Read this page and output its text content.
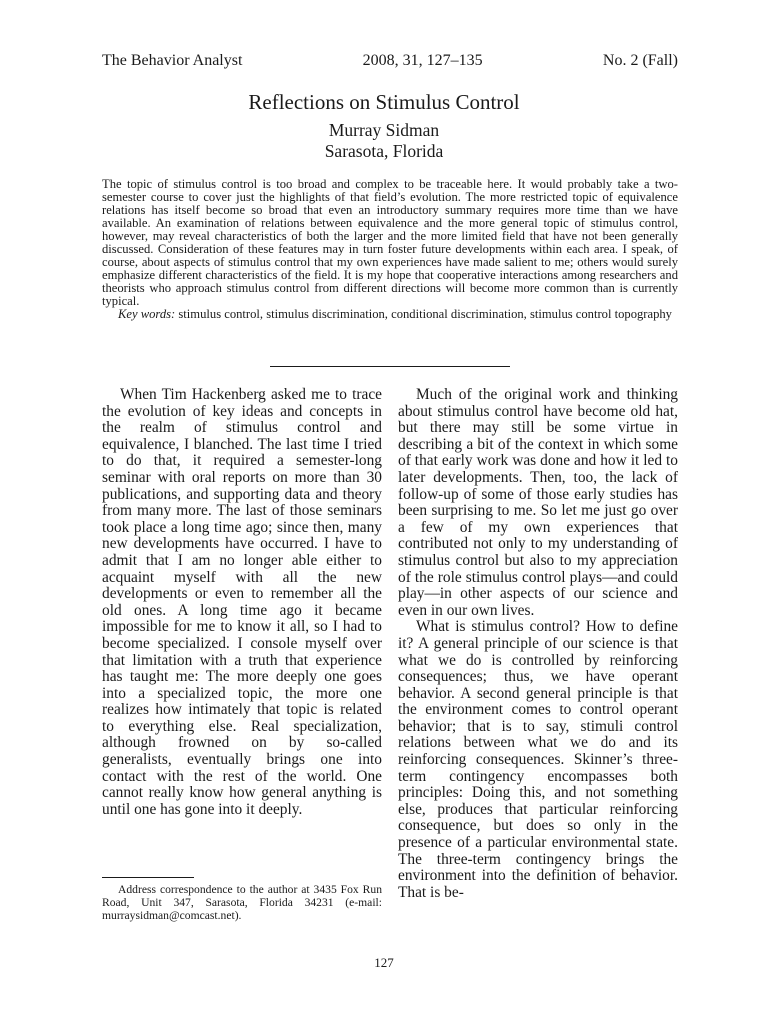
The Behavior Analyst	2008, 31, 127–135	No. 2 (Fall)
Reflections on Stimulus Control
Murray Sidman
Sarasota, Florida

The topic of stimulus control is too broad and complex to be traceable here. It would probably take a two-semester course to cover just the highlights of that field’s evolution. The more restricted topic of equivalence relations has itself become so broad that even an introductory summary requires more time than we have available. An examination of relations between equivalence and the more general topic of stimulus control, however, may reveal characteristics of both the larger and the more limited field that have not been generally discussed. Consideration of these features may in turn foster future developments within each area. I speak, of course, about aspects of stimulus control that my own experiences have made salient to me; others would surely emphasize different characteristics of the field. It is my hope that cooperative interactions among researchers and theorists who approach stimulus control from different directions will become more common than is currently typical.

Key words: stimulus control, stimulus discrimination, conditional discrimination, stimulus control topography

When Tim Hackenberg asked me to trace the evolution of key ideas and concepts in the realm of stimulus control and equivalence, I blanched. The last time I tried to do that, it required a semester-long seminar with oral reports on more than 30 publications, and supporting data and theory from many more. The last of those seminars took place a long time ago; since then, many new developments have occurred. I have to admit that I am no longer able either to acquaint myself with all the new developments or even to remember all the old ones. A long time ago it became impossible for me to know it all, so I had to become specialized. I console myself over that limitation with a truth that experience has taught me: The more deeply one goes into a specialized topic, the more one realizes how intimately that topic is related to everything else. Real specialization, although frowned on by so-called generalists, eventually brings one into contact with the rest of the world. One cannot really know how general anything is until one has gone into it deeply.

Much of the original work and thinking about stimulus control have become old hat, but there may still be some virtue in describing a bit of the context in which some of that early work was done and how it led to later developments. Then, too, the lack of follow-up of some of those early studies has been surprising to me. So let me just go over a few of my own experiences that contributed not only to my understanding of stimulus control but also to my appreciation of the role stimulus control plays—and could play—in other aspects of our science and even in our own lives.

What is stimulus control? How to define it? A general principle of our science is that what we do is controlled by reinforcing consequences; thus, we have operant behavior. A second general principle is that the environment comes to control operant behavior; that is to say, stimuli control relations between what we do and its reinforcing consequences. Skinner’s three-term contingency encompasses both principles: Doing this, and not something else, produces that particular reinforcing consequence, but does so only in the presence of a particular environmental state. The three-term contingency brings the environment into the definition of behavior. That is be-

Address correspondence to the author at 3435 Fox Run Road, Unit 347, Sarasota, Florida 34231 (e-mail: murraysidman@comcast.net).

127
